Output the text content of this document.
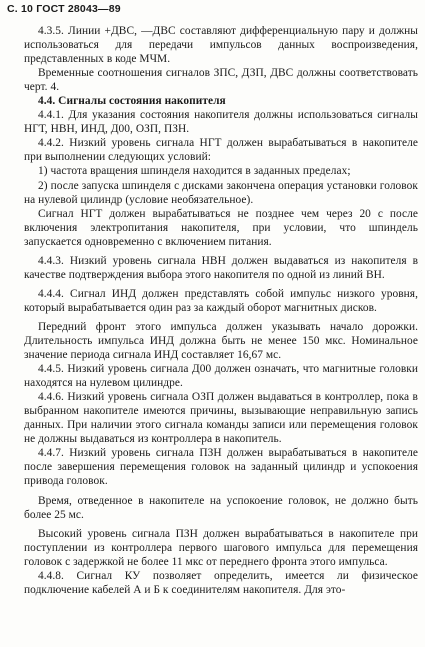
С. 10 ГОСТ 28043—89

4.3.5. Линии +ДВС, —ДВС составляют дифференциальную пару и должны использоваться для передачи импульсов данных воспроизведения, представленных в коде МЧМ.

Временные соотношения сигналов ЗПС, ДЗП, ДВС должны соответствовать черт. 4.

4.4. Сигналы состояния накопителя

4.4.1. Для указания состояния накопителя должны использоваться сигналы НГТ, НВН, ИНД, Д00, ОЗП, ПЗН.

4.4.2. Низкий уровень сигнала НГТ должен вырабатываться в накопителе при выполнении следующих условий:

1) частота вращения шпинделя находится в заданных пределах;

2) после запуска шпинделя с дисками закончена операция установки головок на нулевой цилиндр (условие необязательное).

Сигнал НГТ должен вырабатываться не позднее чем через 20 с после включения электропитания накопителя, при условии, что шпиндель запускается одновременно с включением питания.

4.4.3. Низкий уровень сигнала НВН должен выдаваться из накопителя в качестве подтверждения выбора этого накопителя по одной из линий ВН.

4.4.4. Сигнал ИНД должен представлять собой импульс низкого уровня, который вырабатывается один раз за каждый оборот магнитных дисков.

Передний фронт этого импульса должен указывать начало дорожки. Длительность импульса ИНД должна быть не менее 150 мкс. Номинальное значение периода сигнала ИНД составляет 16,67 мс.

4.4.5. Низкий уровень сигнала Д00 должен означать, что магнитные головки находятся на нулевом цилиндре.

4.4.6. Низкий уровень сигнала ОЗП должен выдаваться в контроллер, пока в выбранном накопителе имеются причины, вызывающие неправильную запись данных. При наличии этого сигнала команды записи или перемещения головок не должны выдаваться из контроллера в накопитель.

4.4.7. Низкий уровень сигнала ПЗН должен вырабатываться в накопителе после завершения перемещения головок на заданный цилиндр и успокоения привода головок.

Время, отведенное в накопителе на успокоение головок, не должно быть более 25 мс.

Высокий уровень сигнала ПЗН должен вырабатываться в накопителе при поступлении из контроллера первого шагового импульса для перемещения головок с задержкой не более 11 мкс от переднего фронта этого импульса.

4.4.8. Сигнал КУ позволяет определить, имеется ли физическое подключение кабелей А и Б к соединителям накопителя. Для это-
